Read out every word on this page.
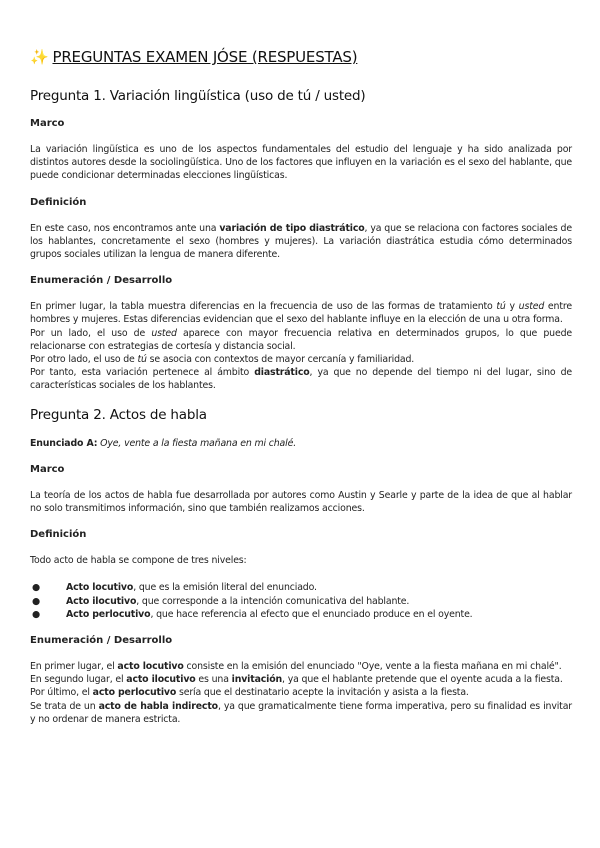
✨ PREGUNTAS EXAMEN JÓSE (RESPUESTAS)
Pregunta 1. Variación lingüística (uso de tú / usted)
Marco

La variación lingüística es uno de los aspectos fundamentales del estudio del lenguaje y ha sido analizada por distintos autores desde la sociolingüística. Uno de los factores que influyen en la variación es el sexo del hablante, que puede condicionar determinadas elecciones lingüísticas.

Definición

En este caso, nos encontramos ante una variación de tipo diastrático, ya que se relaciona con factores sociales de los hablantes, concretamente el sexo (hombres y mujeres). La variación diastrática estudia cómo determinados grupos sociales utilizan la lengua de manera diferente.

Enumeración / Desarrollo

En primer lugar, la tabla muestra diferencias en la frecuencia de uso de las formas de tratamiento tú y usted entre hombres y mujeres. Estas diferencias evidencian que el sexo del hablante influye en la elección de una u otra forma.

Por un lado, el uso de usted aparece con mayor frecuencia relativa en determinados grupos, lo que puede relacionarse con estrategias de cortesía y distancia social.

Por otro lado, el uso de tú se asocia con contextos de mayor cercanía y familiaridad.

Por tanto, esta variación pertenece al ámbito diastrático, ya que no depende del tiempo ni del lugar, sino de características sociales de los hablantes.

Pregunta 2. Actos de habla

Enunciado A: Oye, vente a la fiesta mañana en mi chalé.

Marco

La teoría de los actos de habla fue desarrollada por autores como Austin y Searle y parte de la idea de que al hablar no solo transmitimos información, sino que también realizamos acciones.

Definición

Todo acto de habla se compone de tres niveles:

●	Acto locutivo, que es la emisión literal del enunciado.
●	Acto ilocutivo, que corresponde a la intención comunicativa del hablante.
●	Acto perlocutivo, que hace referencia al efecto que el enunciado produce en el oyente.
Enumeración / Desarrollo

En primer lugar, el acto locutivo consiste en la emisión del enunciado "Oye, vente a la fiesta mañana en mi chalé".

En segundo lugar, el acto ilocutivo es una invitación, ya que el hablante pretende que el oyente acuda a la fiesta.

Por último, el acto perlocutivo sería que el destinatario acepte la invitación y asista a la fiesta.

Se trata de un acto de habla indirecto, ya que gramaticalmente tiene forma imperativa, pero su finalidad es invitar y no ordenar de manera estricta.
